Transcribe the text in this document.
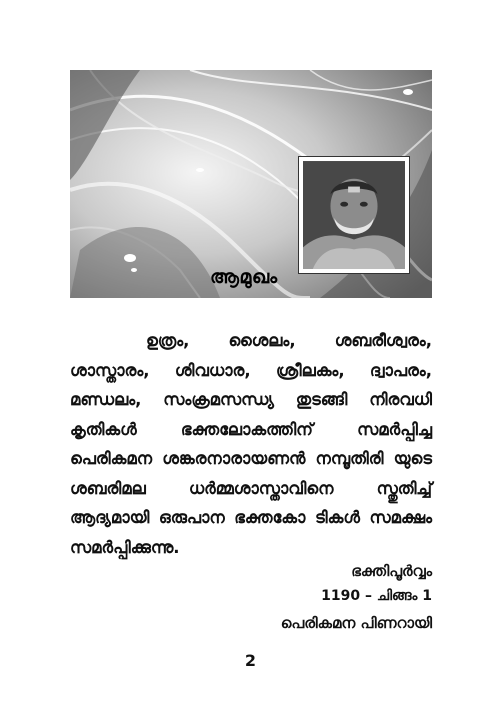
ആമുഖം

ഉത്രം, ശൈലം, ശബരീശ്വരം, ശാസ്താരം, ശിവധാര, ശ്രീലകം, ദ്വാപരം, മണ്ഡലം, സംക്രമസന്ധ്യ തുടങ്ങി നിരവധി കൃതികൾ ഭക്തലോകത്തിന് സമർപ്പിച്ച പെരികമന ശങ്കരനാരായണൻ നമ്പൂതിരി യുടെ ശബരിമല ധർമ്മശാസ്താവിനെ സ്തുതിച്ച് ആദ്യമായി ഒരുപാന ഭക്തകോ ടികൾ സമക്ഷം സമർപ്പിക്കുന്നു.

ഭക്തിപൂർവ്വം
1190 – ചിങ്ങം 1
പെരികമന പിണറായി
2
